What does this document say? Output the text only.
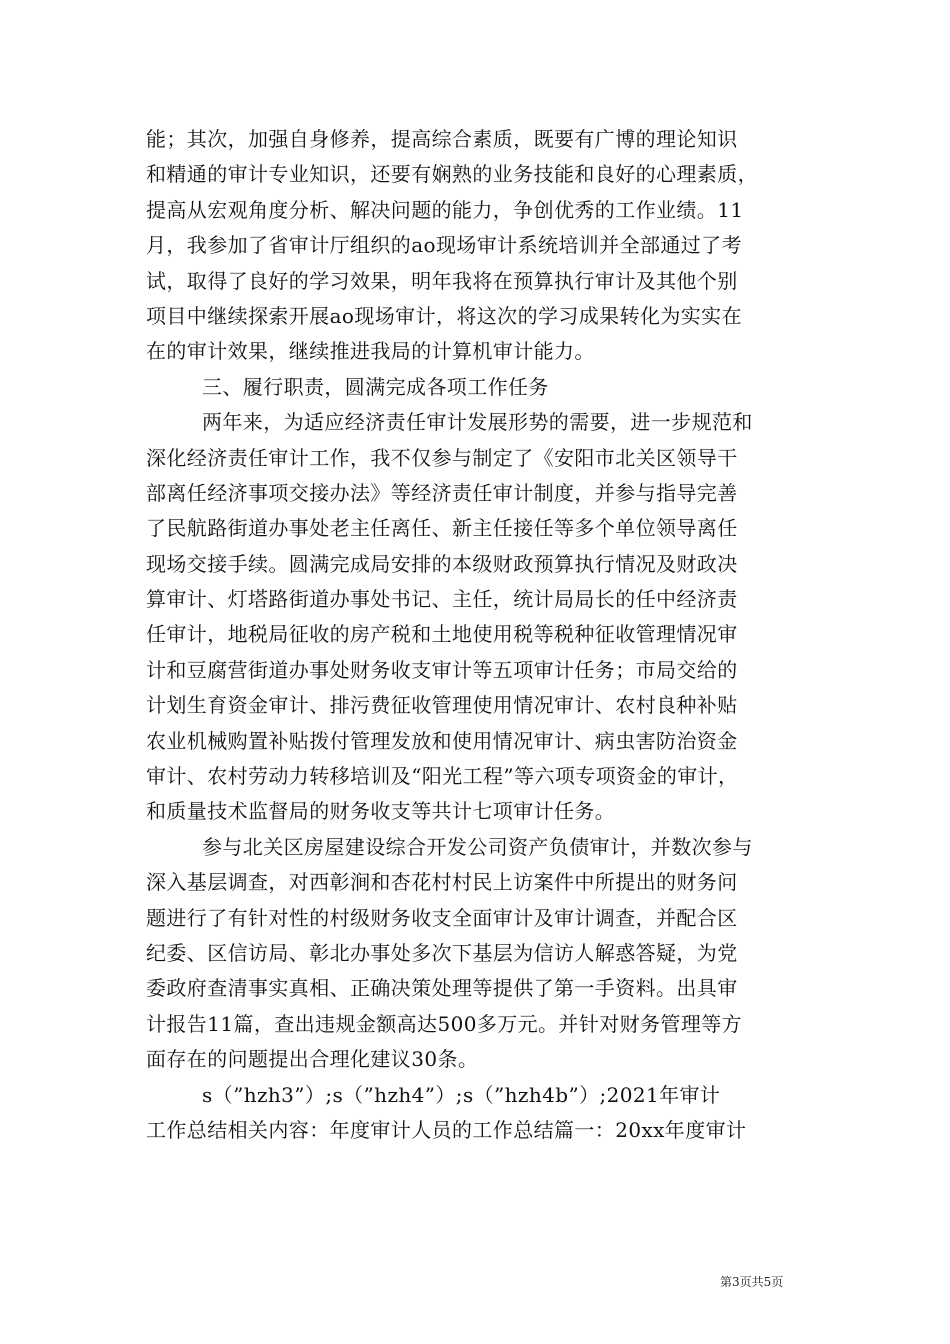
能；其次，加强自身修养，提高综合素质，既要有广博的理论知识
和精通的审计专业知识，还要有娴熟的业务技能和良好的心理素质，
提高从宏观角度分析、解决问题的能力，争创优秀的工作业绩。11
月，我参加了省审计厅组织的ao现场审计系统培训并全部通过了考
试，取得了良好的学习效果，明年我将在预算执行审计及其他个别
项目中继续探索开展ao现场审计，将这次的学习成果转化为实实在
在的审计效果，继续推进我局的计算机审计能力。
三、履行职责，圆满完成各项工作任务
两年来，为适应经济责任审计发展形势的需要，进一步规范和
深化经济责任审计工作，我不仅参与制定了《安阳市北关区领导干
部离任经济事项交接办法》等经济责任审计制度，并参与指导完善
了民航路街道办事处老主任离任、新主任接任等多个单位领导离任
现场交接手续。圆满完成局安排的本级财政预算执行情况及财政决
算审计、灯塔路街道办事处书记、主任，统计局局长的任中经济责
任审计，地税局征收的房产税和土地使用税等税种征收管理情况审
计和豆腐营街道办事处财务收支审计等五项审计任务；市局交给的
计划生育资金审计、排污费征收管理使用情况审计、农村良种补贴
农业机械购置补贴拨付管理发放和使用情况审计、病虫害防治资金
审计、农村劳动力转移培训及“阳光工程”等六项专项资金的审计，
和质量技术监督局的财务收支等共计七项审计任务。
参与北关区房屋建设综合开发公司资产负债审计，并数次参与
深入基层调查，对西彰涧和杏花村村民上访案件中所提出的财务问
题进行了有针对性的村级财务收支全面审计及审计调查，并配合区
纪委、区信访局、彰北办事处多次下基层为信访人解惑答疑，为党
委政府查清事实真相、正确决策处理等提供了第一手资料。出具审
计报告11篇，查出违规金额高达500多万元。并针对财务管理等方
面存在的问题提出合理化建议30条。
s（”hzh3”）;s（”hzh4”）;s（”hzh4b”）;2021年审计
工作总结相关内容：年度审计人员的工作总结篇一：20xx年度审计
第3页共5页
